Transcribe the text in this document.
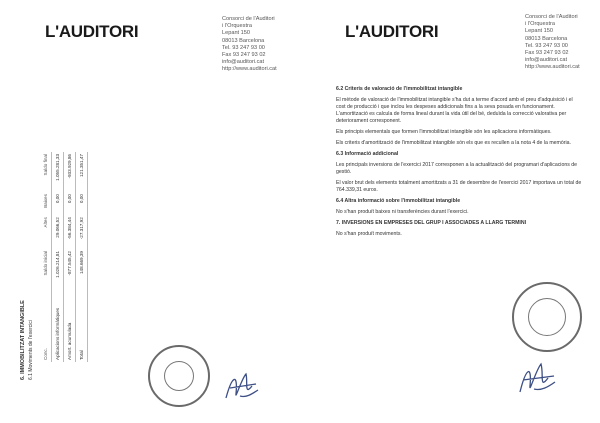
L'AUDITORI
Consorci de l'Auditori
i l'Orquestra
Lepant 150
08013 Barcelona
Tel. 93 247 93 00
Fax 93 247 93 02
info@auditori.cat
http://www.auditori.cat
6. IMMOBILITZAT INTANGIBLE 6.1 Moviments de l'exercici Conc.	Saldo inicial	Altes	Baixes	Saldo final
Aplicacions informàtiques	1.026.214,81	29.066,52	0,00	1.055.281,33
Amort. acumulada	-877.545,42	-56.384,44	0,00	-933.929,86
Total	148.669,39	-27.317,92	0,00	121.351,47
L'AUDITORI
Consorci de l'Auditori
i l'Orquestra
Lepant 150
08013 Barcelona
Tel. 93 247 93 00
Fax 93 247 93 02
info@auditori.cat
http://www.auditori.cat

6.2 Criteris de valoració de l'immobilitzat intangible

El mètode de valoració de l'immobilitzat intangible s'ha dut a terme d'acord amb el preu d'adquisició i el cost de producció i que inclou les despeses addicionals fins a la seva posada en funcionament. L'amortització es calcula de forma lineal durant la vida útil del bé, deduïda la correcció valorativa per deteriorament corresponent.

Els principis elementals que formen l'immobilitzat intangible són les aplicacions informàtiques.

Els criteris d'amortització de l'immobilitzat intangible són els que es recullen a la nota 4 de la memòria.

6.3 Informació addicional

Les principals inversions de l'exercici 2017 corresponen a la actualització del programari d'aplicacions de gestió.

El valor brut dels elements totalment amortitzats a 31 de desembre de l'exercici 2017 importava un total de 764.339,31 euros.

6.4 Altra informació sobre l'immobilitzat intangible

No s'han produït baixes ni transferències durant l'exercici.

7. INVERSIONS EN EMPRESES DEL GRUP I ASSOCIADES A LLARG TERMINI

No s'han produït moviments.
